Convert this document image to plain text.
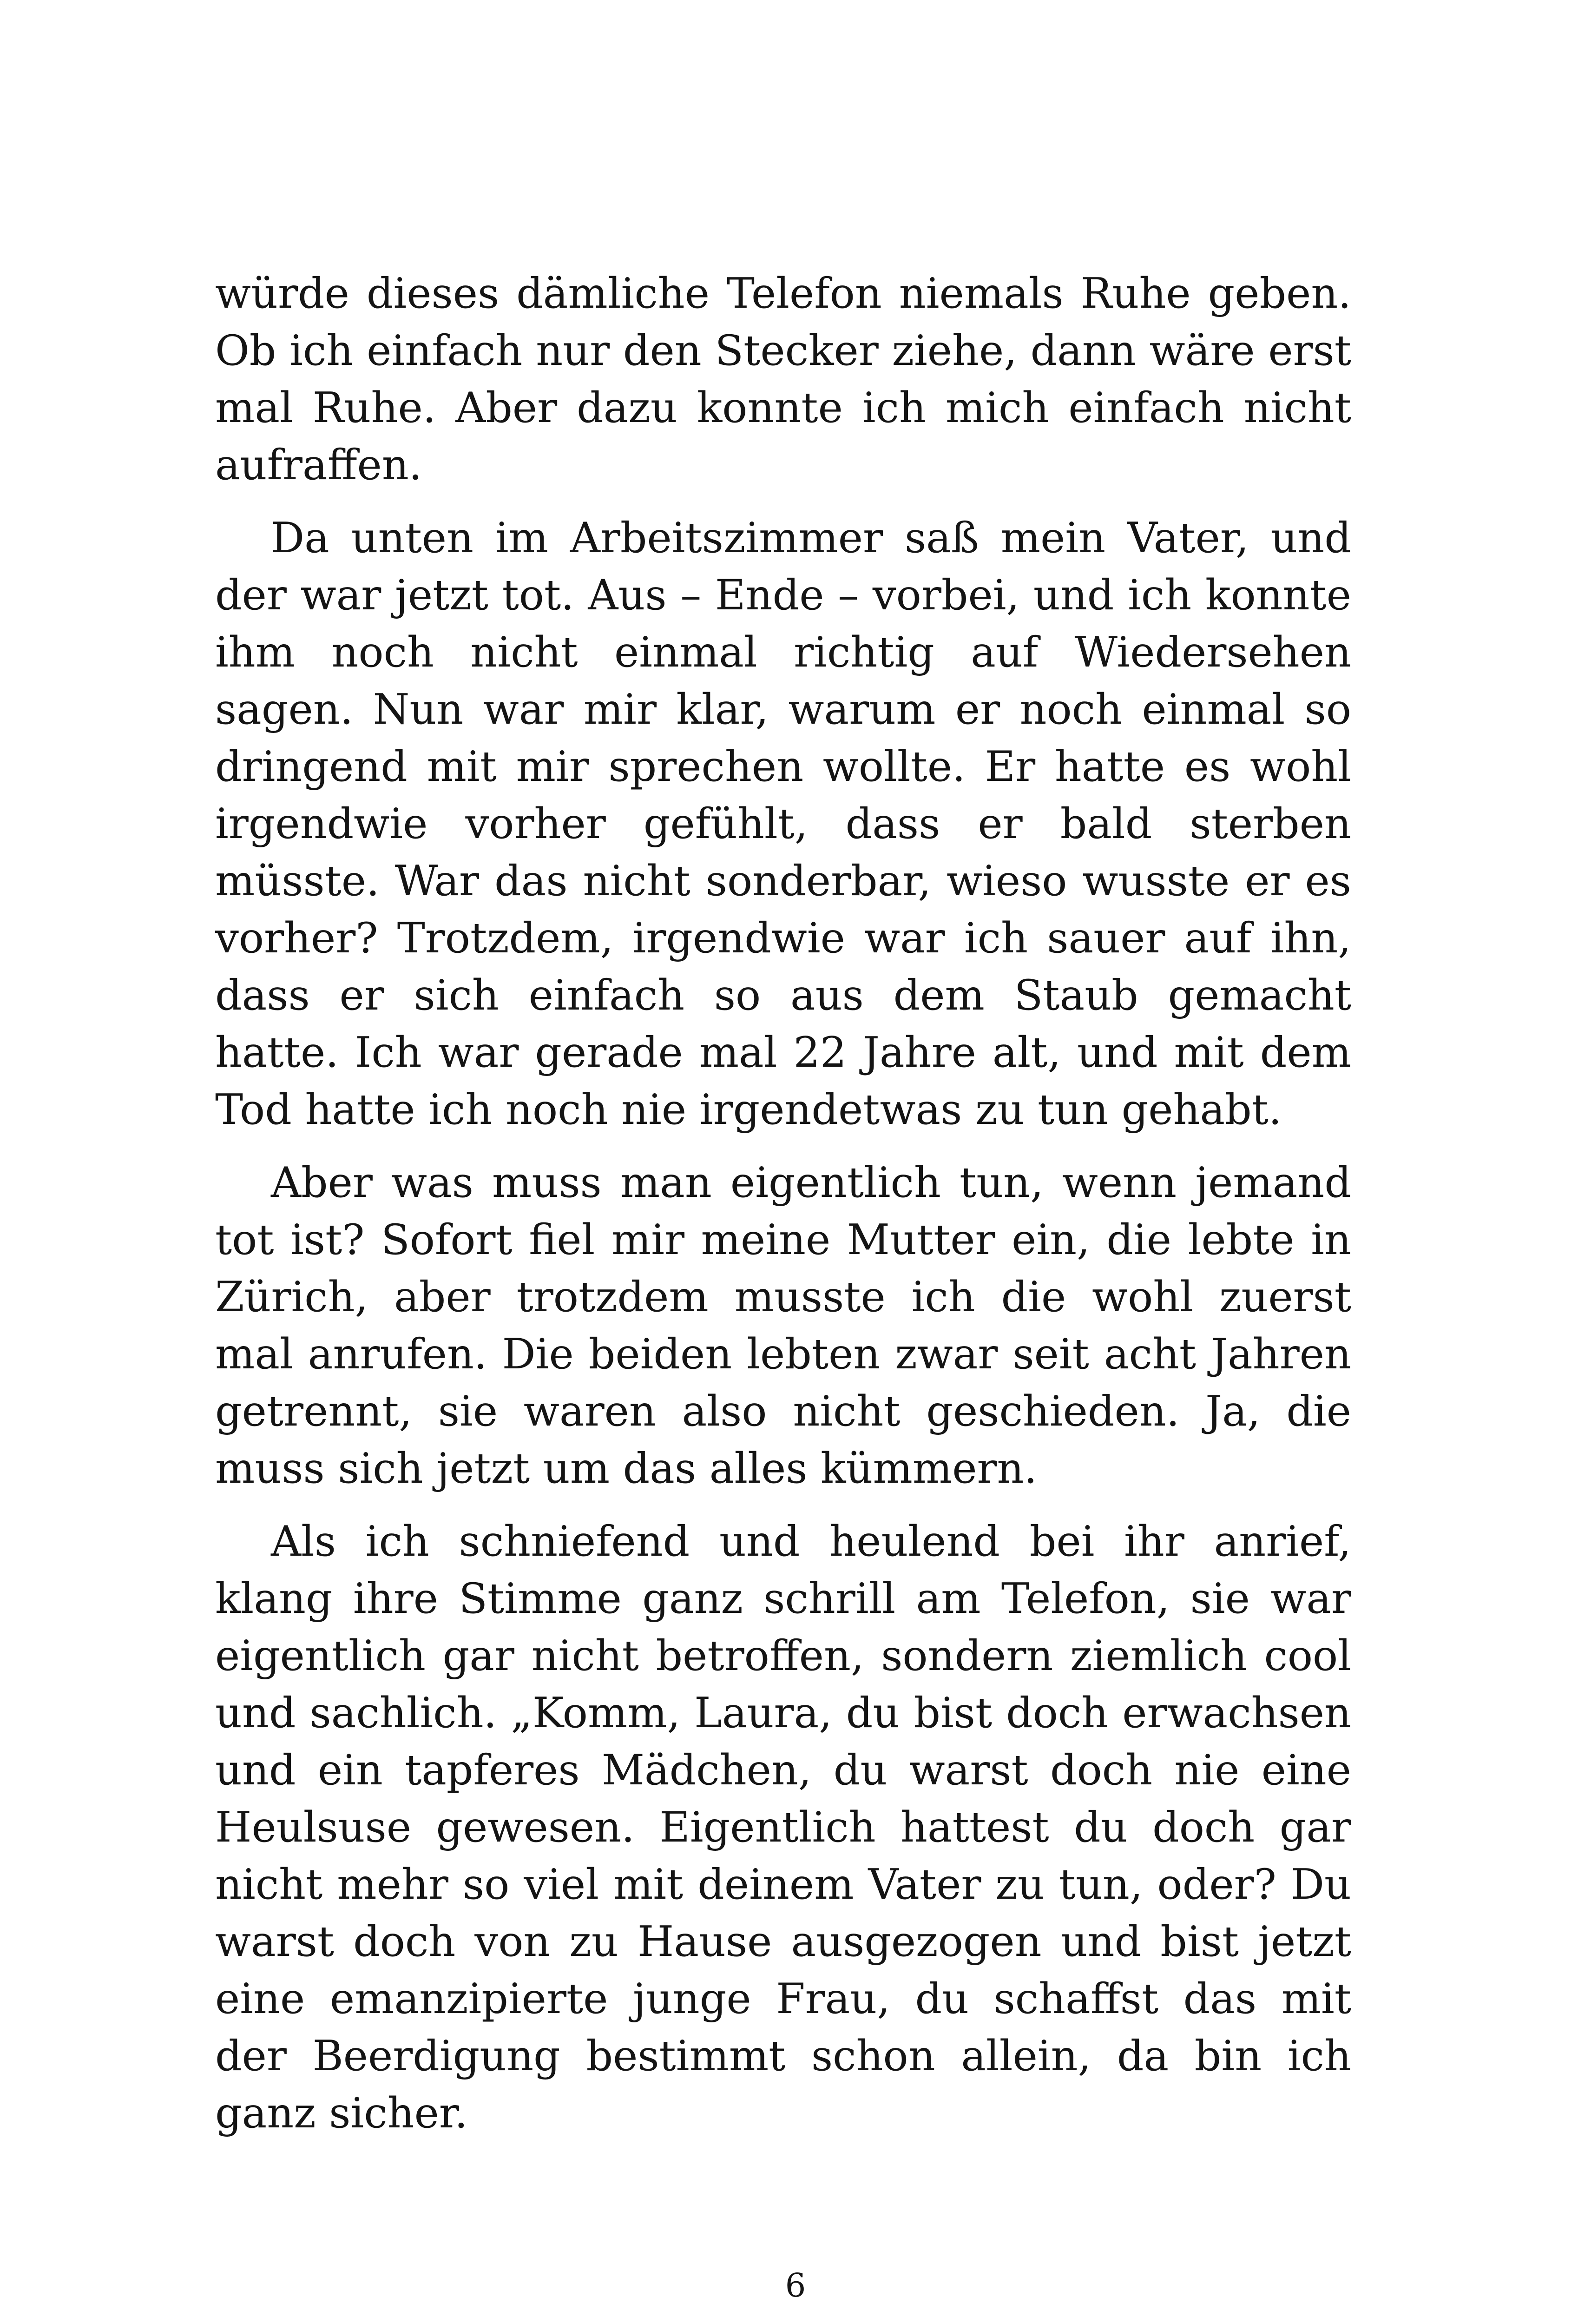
würde dieses dämliche Telefon niemals Ruhe geben. Ob ich einfach nur den Stecker ziehe, dann wäre erst mal Ruhe. Aber dazu konnte ich mich einfach nicht aufraffen.

Da unten im Arbeitszimmer saß mein Vater, und der war jetzt tot. Aus – Ende – vorbei, und ich konnte ihm noch nicht einmal richtig auf Wiedersehen sagen. Nun war mir klar, warum er noch einmal so dringend mit mir sprechen wollte. Er hatte es wohl irgendwie vorher gefühlt, dass er bald sterben müsste. War das nicht sonderbar, wieso wusste er es vorher? Trotzdem, irgendwie war ich sauer auf ihn, dass er sich einfach so aus dem Staub gemacht hatte. Ich war gerade mal 22 Jahre alt, und mit dem Tod hatte ich noch nie irgendetwas zu tun gehabt.

Aber was muss man eigentlich tun, wenn jemand tot ist? Sofort fiel mir meine Mutter ein, die lebte in Zürich, aber trotzdem musste ich die wohl zuerst mal anrufen. Die beiden lebten zwar seit acht Jahren getrennt, sie waren also nicht geschieden. Ja, die muss sich jetzt um das alles kümmern.

Als ich schniefend und heulend bei ihr anrief, klang ihre Stimme ganz schrill am Telefon, sie war eigentlich gar nicht betroffen, sondern ziemlich cool und sachlich. „Komm, Laura, du bist doch erwachsen und ein tapferes Mädchen, du warst doch nie eine Heulsuse gewesen. Eigentlich hattest du doch gar nicht mehr so viel mit deinem Vater zu tun, oder? Du warst doch von zu Hause ausgezogen und bist jetzt eine emanzipierte junge Frau, du schaffst das mit der Beerdigung bestimmt schon allein, da bin ich ganz sicher.

6
